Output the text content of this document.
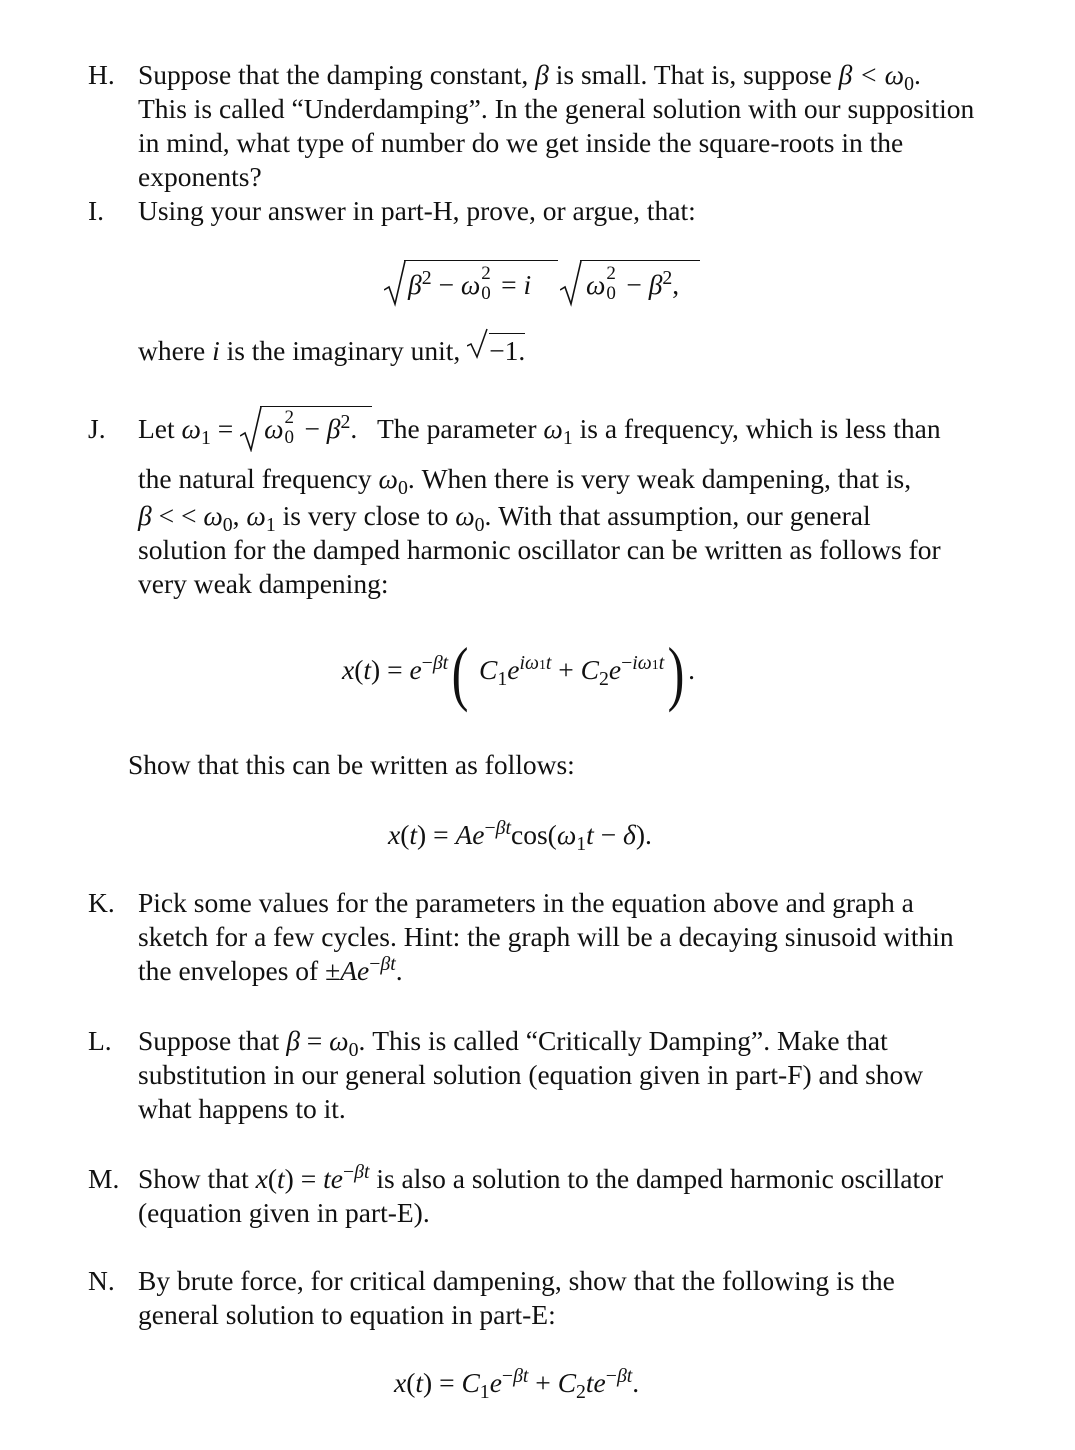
H. Suppose that the damping constant, β is small. That is, suppose $\beta < \omega_0$.
This is called “Underdamping”. In the general solution with our supposition
in mind, what type of number do we get inside the square-roots in the
exponents?
I.	Using your answer in part-H, prove, or argue, that:
$\beta^2 - \omega$ 2
0 = i ω 2
$0 - \beta^2$,
where i is the imaginary unit,
−1.
J.	Let $\omega_1 = \omega$ 2
$0 - \beta^2$. The parameter $\omega_1$ is a frequency, which is less than
the natural frequency $\omega_0$. When there is very weak dampening, that is,
β < < $\omega_0$, $\omega_1$ is very close to $\omega_0$. With that assumption, our general
solution for the damped harmonic oscillator can be written as follows for
very weak dampening:
$x(t) = e^{-\beta t}$( $C_1e^{i\omega 1t} + C_2e^{-i\omega 1t}$) .
Show that this can be written as follows:
$x(t) = Ae^{-\beta t}\cos(\omega_1t - \delta)$.
K. Pick some values for the parameters in the equation above and graph a
sketch for a few cycles. Hint: the graph will be a decaying sinusoid within
the envelopes of $\pm Ae^{-\beta t}$.
L. Suppose that $\beta = \omega_0$. This is called “Critically Damping”. Make that
substitution in our general solution (equation given in part-F) and show
what happens to it.
M. Show that $x(t) = te^{-\beta t}$ is also a solution to the damped harmonic oscillator
(equation given in part-E).
N. By brute force, for critical dampening, show that the following is the
general solution to equation in part-E:
$x(t) = C_1e^{-\beta t} + C_2te^{-\beta t}$.
